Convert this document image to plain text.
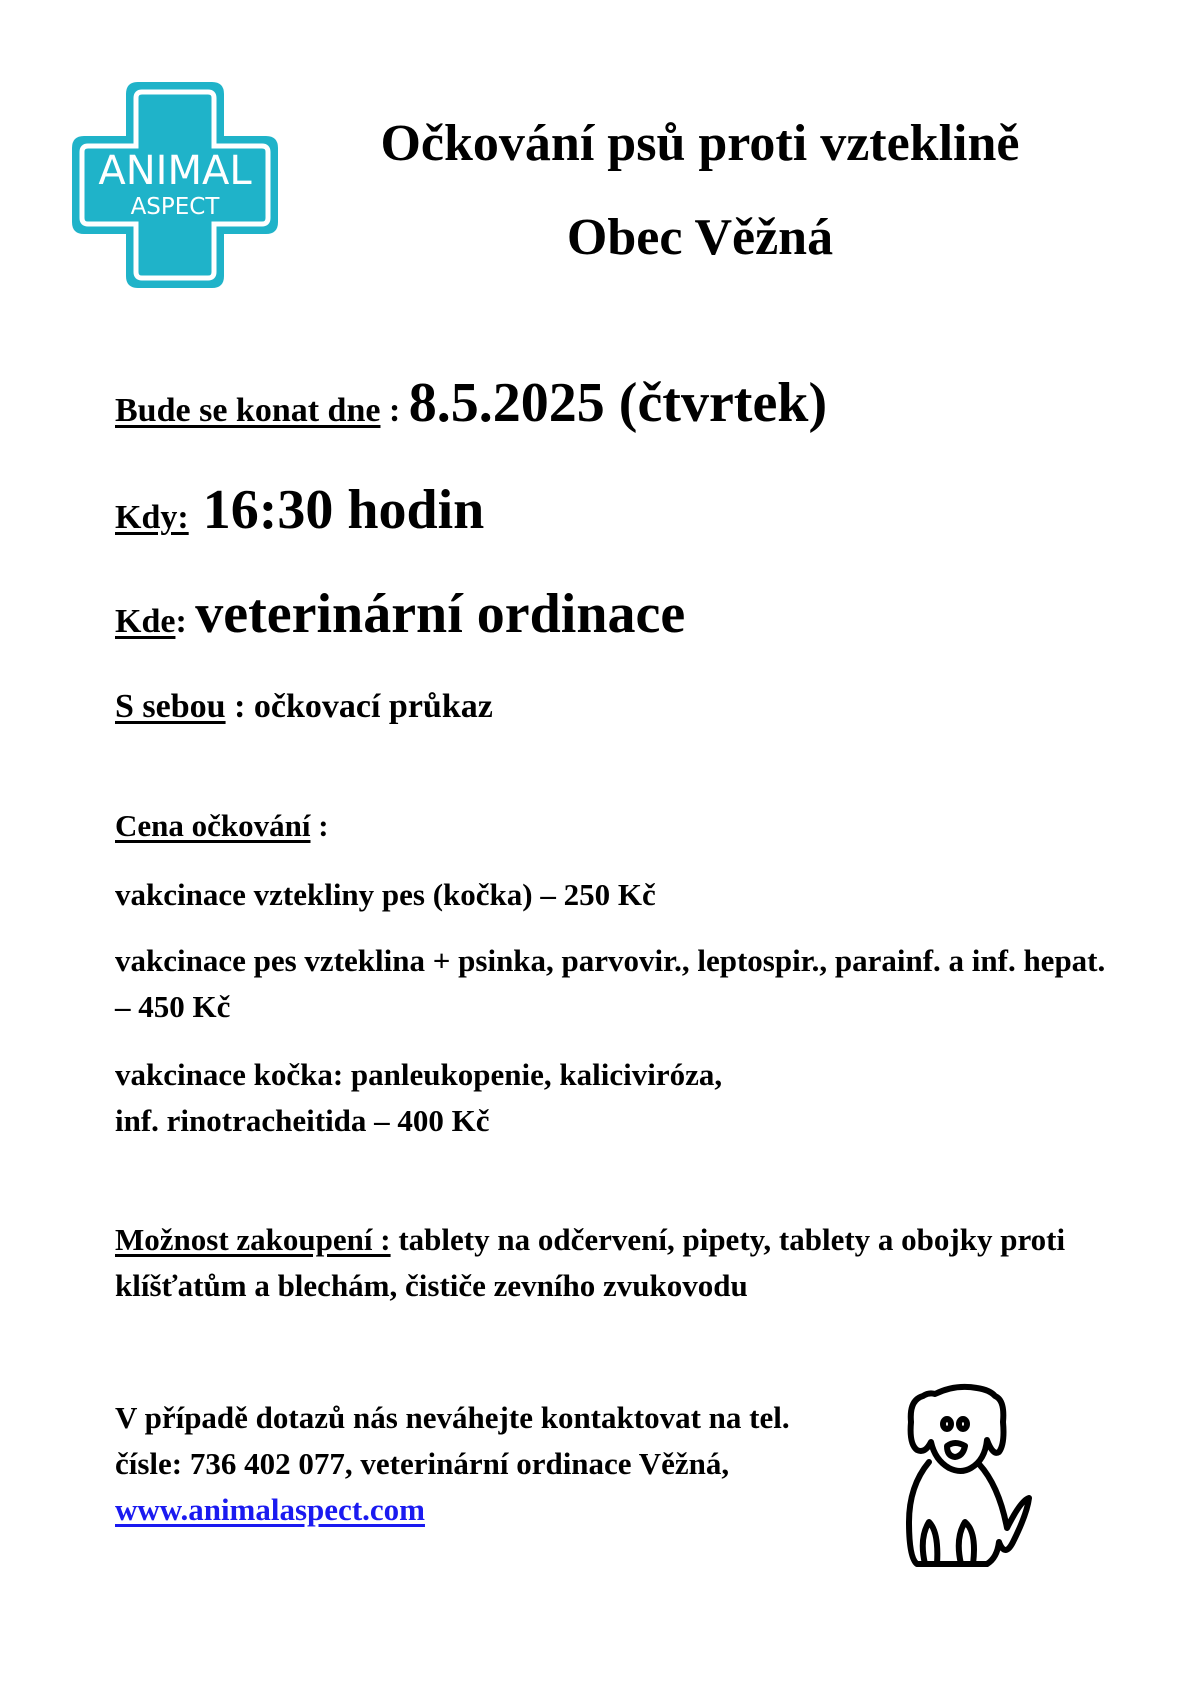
ANIMAL
ASPECT
Očkování psů proti vzteklině
Obec Věžná
Bude se konat dne : 8.5.2025 (čtvrtek)
Kdy: 16:30 hodin
Kde: veterinární ordinace
S sebou : očkovací průkaz
Cena očkování :
vakcinace vztekliny pes (kočka) – 250 Kč
vakcinace pes vzteklina + psinka, parvovir., leptospir., parainf. a inf. hepat. – 450 Kč
vakcinace kočka: panleukopenie, kaliciviróza,
inf. rinotracheitida – 400 Kč
Možnost zakoupení : tablety na odčervení, pipety, tablety a obojky proti klíšťatům a blechám, čističe zevního zvukovodu
V případě dotazů nás neváhejte kontaktovat na tel.
čísle: 736 402 077, veterinární ordinace Věžná,
www.animalaspect.com
